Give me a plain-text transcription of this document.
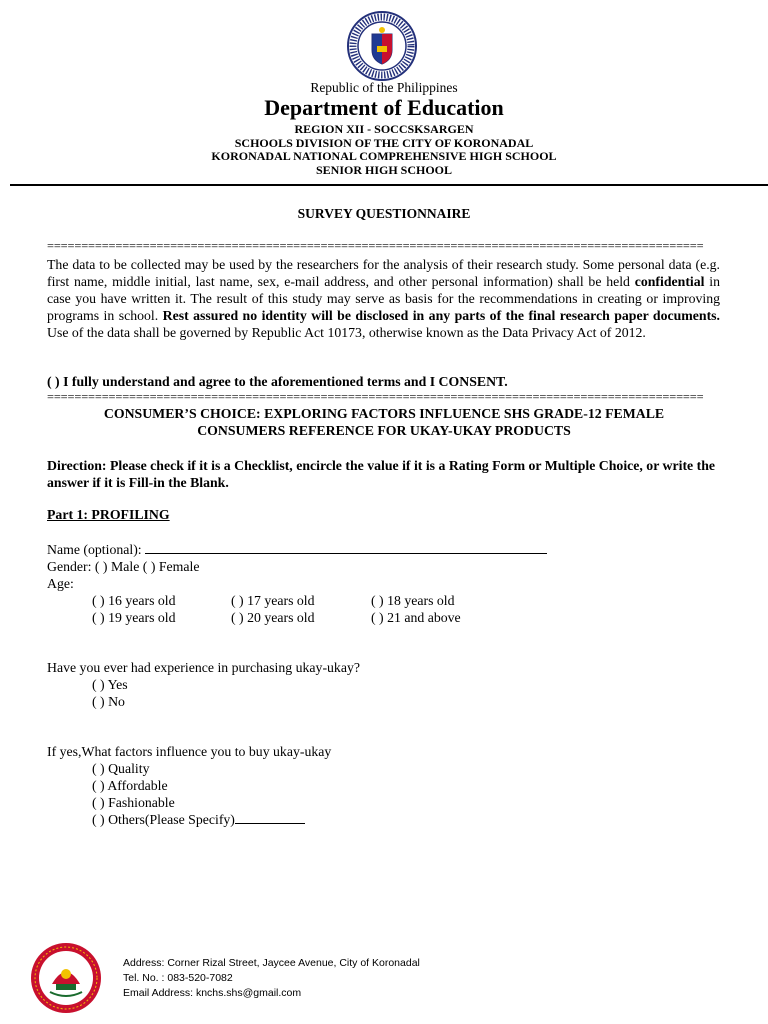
Republic of the Philippines
Department of Education
REGION XII - SOCCSKSARGEN
SCHOOLS DIVISION OF THE CITY OF KORONADAL
KORONADAL NATIONAL COMPREHENSIVE HIGH SCHOOL
SENIOR HIGH SCHOOL
SURVEY QUESTIONNAIRE
================================================================================================
The data to be collected may be used by the researchers for the analysis of their research study. Some personal data (e.g. first name, middle initial, last name, sex, e-mail address, and other personal information) shall be held confidential in case you have written it. The result of this study may serve as basis for the recommendations in creating or improving programs in school. Rest assured no identity will be disclosed in any parts of the final research paper documents. Use of the data shall be governed by Republic Act 10173, otherwise known as the Data Privacy Act of 2012.
( ) I fully understand and agree to the aforementioned terms and I CONSENT.
================================================================================================
CONSUMER’S CHOICE: EXPLORING FACTORS INFLUENCE SHS GRADE-12 FEMALE
CONSUMERS REFERENCE FOR UKAY-UKAY PRODUCTS
Direction: Please check if it is a Checklist, encircle the value if it is a Rating Form or Multiple Choice, or write the answer if it is Fill-in the Blank.
Part 1: PROFILING
Name (optional):
Gender: ( ) Male ( ) Female
Age:
( ) 16 years old	( ) 17 years old	( ) 18 years old
( ) 19 years old	( ) 20 years old	( ) 21 and above
Have you ever had experience in purchasing ukay-ukay?
( ) Yes
( ) No
If yes,What factors influence you to buy ukay-ukay
( ) Quality
( ) Affordable
( ) Fashionable
( ) Others(Please Specify)
Address: Corner Rizal Street, Jaycee Avenue, City of Koronadal
Tel. No. : 083-520-7082
Email Address: knchs.shs@gmail.com
